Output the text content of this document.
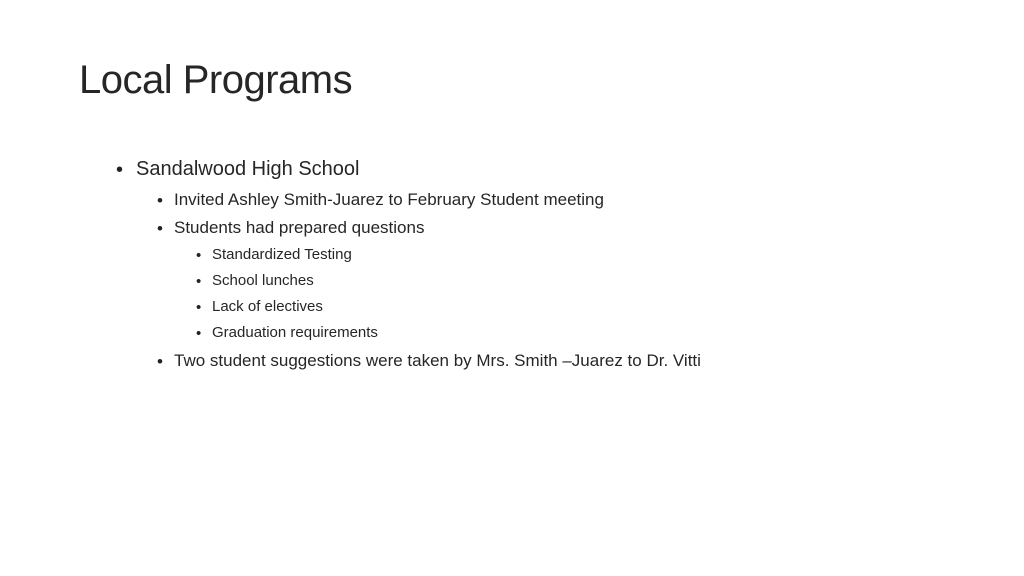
Local Programs
• Sandalwood High School
• Invited Ashley Smith-Juarez to February Student meeting
• Students had prepared questions
• Standardized Testing
• School lunches
• Lack of electives
• Graduation requirements
• Two student suggestions were taken by Mrs. Smith –Juarez to Dr. Vitti
